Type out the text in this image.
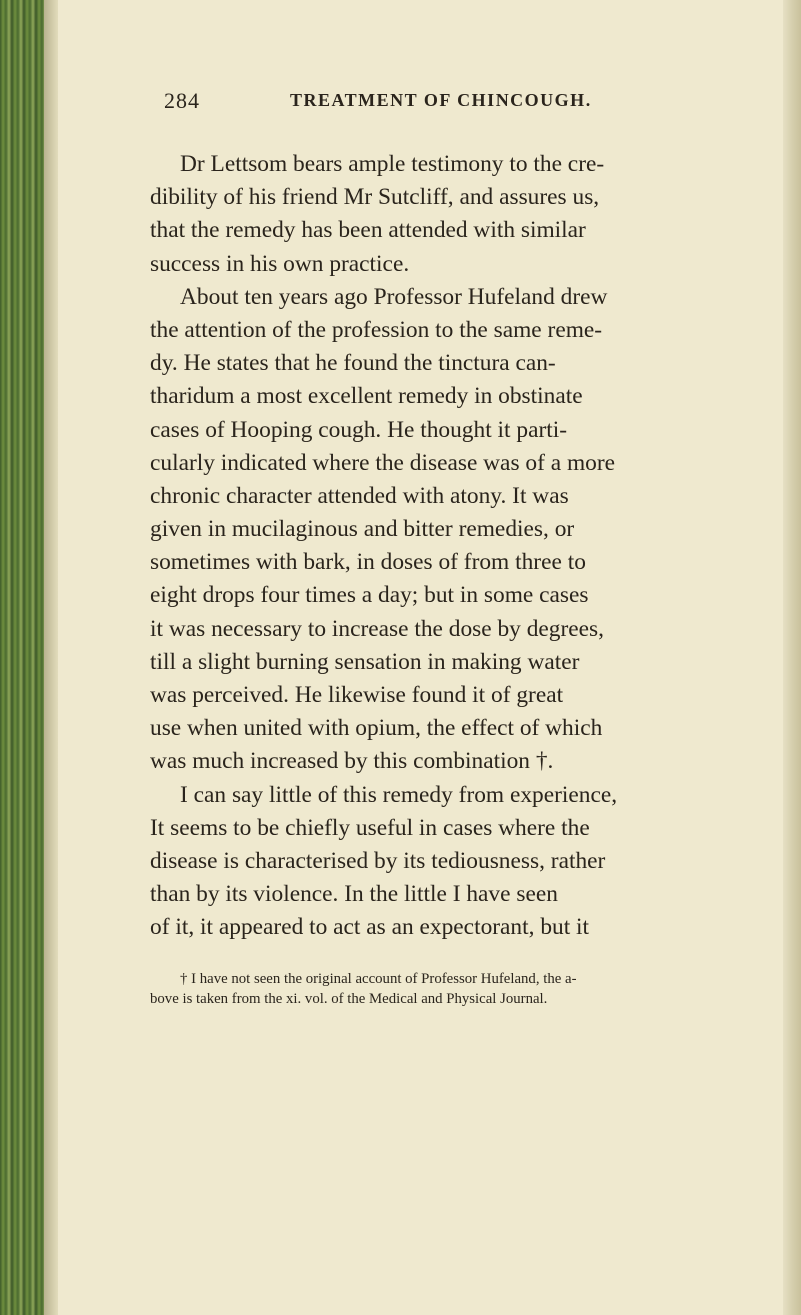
284	TREATMENT OF CHINCOUGH.
Dr Lettsom bears ample testimony to the cre-
dibility of his friend Mr Sutcliff, and assures us,
that the remedy has been attended with similar
success in his own practice.
About ten years ago Professor Hufeland drew
the attention of the profession to the same reme-
dy. He states that he found the tinctura can-
tharidum a most excellent remedy in obstinate
cases of Hooping cough. He thought it parti-
cularly indicated where the disease was of a more
chronic character attended with atony. It was
given in mucilaginous and bitter remedies, or
sometimes with bark, in doses of from three to
eight drops four times a day; but in some cases
it was necessary to increase the dose by degrees,
till a slight burning sensation in making water
was perceived. He likewise found it of great
use when united with opium, the effect of which
was much increased by this combination †.
I can say little of this remedy from experience,
It seems to be chiefly useful in cases where the
disease is characterised by its tediousness, rather
than by its violence. In the little I have seen
of it, it appeared to act as an expectorant, but it
† I have not seen the original account of Professor Hufeland, the a-
bove is taken from the xi. vol. of the Medical and Physical Journal.
